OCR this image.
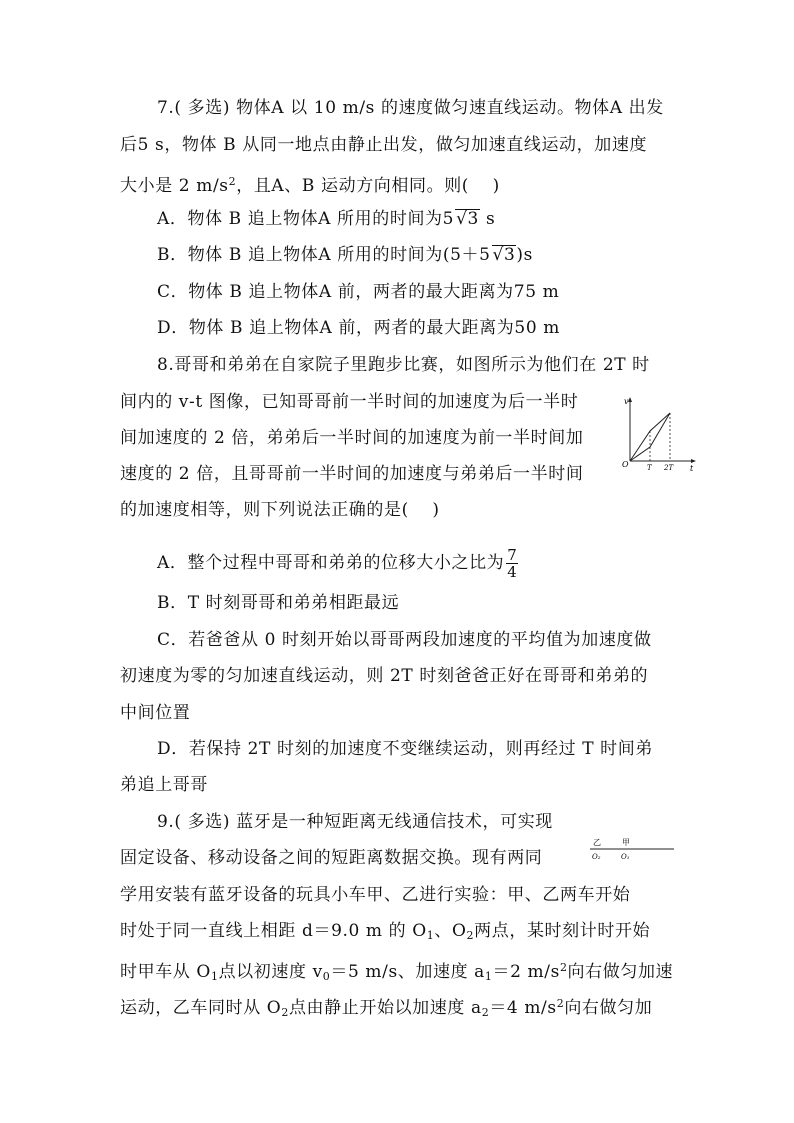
7.( 多选) 物体A 以 10 m/s 的速度做匀速直线运动。物体A 出发
后5 s，物体 B 从同一地点由静止出发，做匀加速直线运动，加速度
大小是 2 $m/s^2$，且A、B 运动方向相同。则(　 )
A．物体 B 追上物体A 所用的时间为5 √3 s
B．物体 B 追上物体A 所用的时间为(5＋5 √3)s
C．物体 B 追上物体A 前，两者的最大距离为75 m
D．物体 B 追上物体A 前，两者的最大距离为50 m
8.哥哥和弟弟在自家院子里跑步比赛，如图所示为他们在 2T 时
间内的 v-t 图像，已知哥哥前一半时间的加速度为后一半时
间加速度的 2 倍，弟弟后一半时间的加速度为前一半时间加
速度的 2 倍，且哥哥前一半时间的加速度与弟弟后一半时间
的加速度相等，则下列说法正确的是(　 )
v
t
O	T 2T
A．整个过程中哥哥和弟弟的位移大小之比为 $\frac{7}{4}$
B．T 时刻哥哥和弟弟相距最远
C．若爸爸从 0 时刻开始以哥哥两段加速度的平均值为加速度做
初速度为零的匀加速直线运动，则 2T 时刻爸爸正好在哥哥和弟弟的
中间位置
D．若保持 2T 时刻的加速度不变继续运动，则再经过 T 时间弟
弟追上哥哥
9.( 多选) 蓝牙是一种短距离无线通信技术，可实现
乙	甲
O₂	O₁
固定设备、移动设备之间的短距离数据交换。现有两同
学用安装有蓝牙设备的玩具小车甲、乙进行实验：甲、乙两车开始
时处于同一直线上相距 d＝9.0 m 的 $O_1$、$O_2$两点，某时刻计时开始
时甲车从 $O_1$点以初速度 $v_0=5$ m/s、加速度 $a_1=2$ $m/s^2$向右做匀加速
运动，乙车同时从 $O_2$点由静止开始以加速度 $a_2=4$ $m/s^2$向右做匀加
